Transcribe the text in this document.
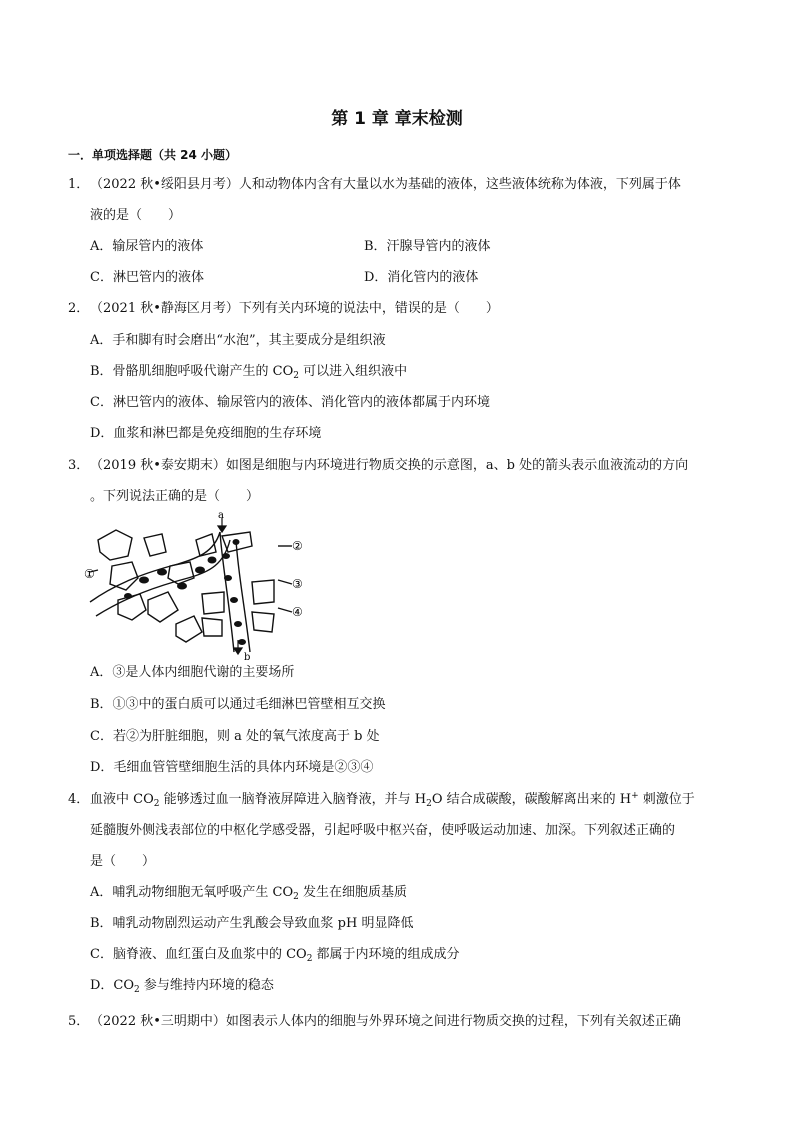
第 1 章 章末检测
一．单项选择题（共 24 小题）
1．（2022 秋•绥阳县月考）人和动物体内含有大量以水为基础的液体，这些液体统称为体液，下列属于体
液的是（　　）
A．输尿管内的液体	B．汗腺导管内的液体
C．淋巴管内的液体	D．消化管内的液体
2．（2021 秋•静海区月考）下列有关内环境的说法中，错误的是（　　）
A．手和脚有时会磨出“水泡”，其主要成分是组织液
B．骨骼肌细胞呼吸代谢产生的 $CO_2$ 可以进入组织液中
C．淋巴管内的液体、输尿管内的液体、消化管内的液体都属于内环境
D．血浆和淋巴都是免疫细胞的生存环境
3．（2019 秋•泰安期末）如图是细胞与内环境进行物质交换的示意图，a、b 处的箭头表示血液流动的方向
。下列说法正确的是（　　）
a
b
①
②
③
④
A．③是人体内细胞代谢的主要场所
B．①③中的蛋白质可以通过毛细淋巴管壁相互交换
C．若②为肝脏细胞，则 a 处的氧气浓度高于 b 处
D．毛细血管管壁细胞生活的具体内环境是②③④
4．血液中 $CO_2$ 能够透过血一脑脊液屏障进入脑脊液，并与 $H_2O$ 结合成碳酸，碳酸解离出来的 H+ 刺激位于
延髓腹外侧浅表部位的中枢化学感受器，引起呼吸中枢兴奋，使呼吸运动加速、加深。下列叙述正确的
是（　　）
A．哺乳动物细胞无氧呼吸产生 $CO_2$ 发生在细胞质基质
B．哺乳动物剧烈运动产生乳酸会导致血浆 pH 明显降低
C．脑脊液、血红蛋白及血浆中的 $CO_2$ 都属于内环境的组成成分
D．$CO_2$ 参与维持内环境的稳态
5．（2022 秋•三明期中）如图表示人体内的细胞与外界环境之间进行物质交换的过程，下列有关叙述正确
